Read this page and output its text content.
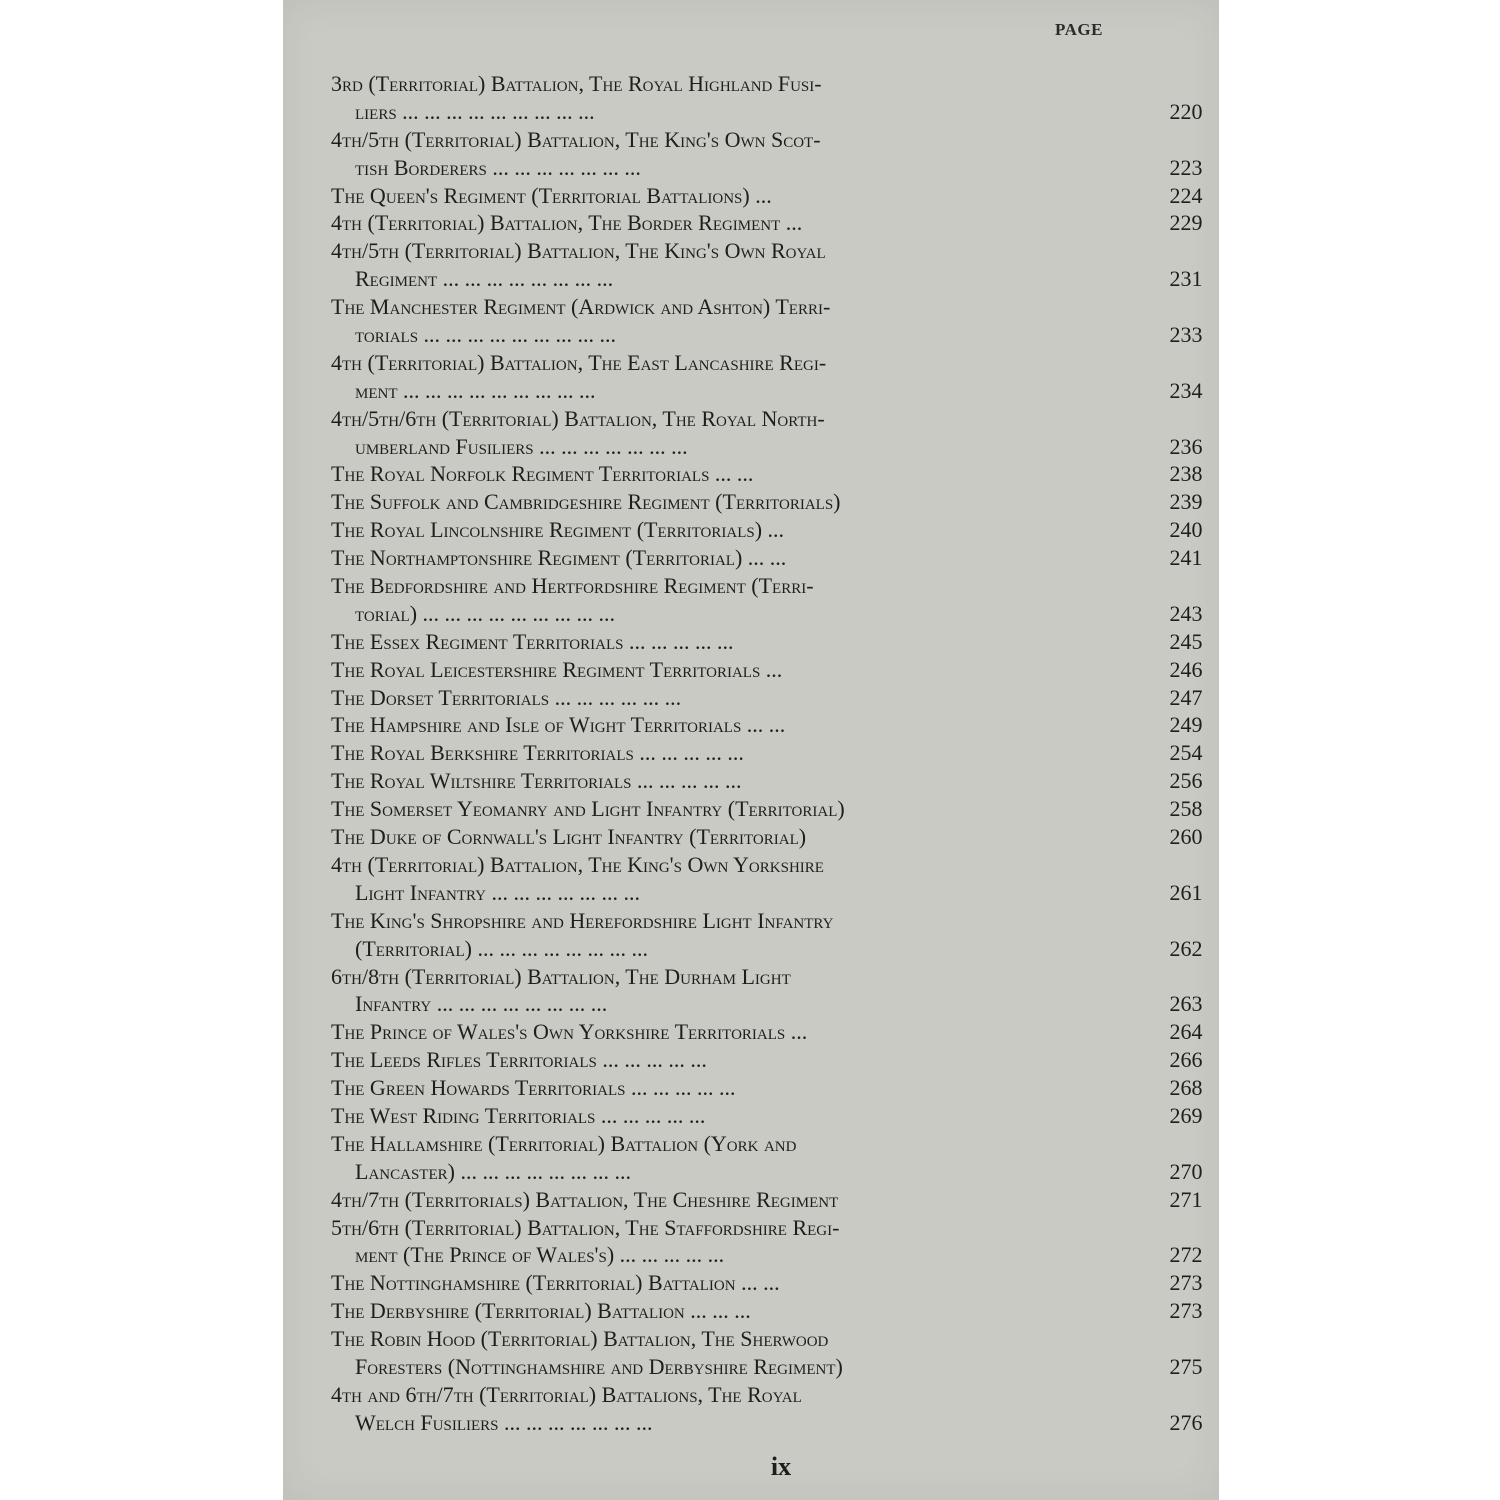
PAGE
3rd (Territorial) Battalion, The Royal Highland Fusi-
liers ... ... ... ... ... ... ... ... ...	220
4th/5th (Territorial) Battalion, The King's Own Scot-
tish Borderers ... ... ... ... ... ... ...	223
The Queen's Regiment (Territorial Battalions) ...	224
4th (Territorial) Battalion, The Border Regiment ...	229
4th/5th (Territorial) Battalion, The King's Own Royal
Regiment ... ... ... ... ... ... ... ...	231
The Manchester Regiment (Ardwick and Ashton) Terri-
torials ... ... ... ... ... ... ... ... ...	233
4th (Territorial) Battalion, The East Lancashire Regi-
ment ... ... ... ... ... ... ... ... ...	234
4th/5th/6th (Territorial) Battalion, The Royal North-
umberland Fusiliers ... ... ... ... ... ... ...	236
The Royal Norfolk Regiment Territorials ... ...	238
The Suffolk and Cambridgeshire Regiment (Territorials)	239
The Royal Lincolnshire Regiment (Territorials) ...	240
The Northamptonshire Regiment (Territorial) ... ...	241
The Bedfordshire and Hertfordshire Regiment (Terri-
torial) ... ... ... ... ... ... ... ... ...	243
The Essex Regiment Territorials ... ... ... ... ...	245
The Royal Leicestershire Regiment Territorials ...	246
The Dorset Territorials ... ... ... ... ... ...	247
The Hampshire and Isle of Wight Territorials ... ...	249
The Royal Berkshire Territorials ... ... ... ... ...	254
The Royal Wiltshire Territorials ... ... ... ... ...	256
The Somerset Yeomanry and Light Infantry (Territorial)	258
The Duke of Cornwall's Light Infantry (Territorial)	260
4th (Territorial) Battalion, The King's Own Yorkshire
Light Infantry ... ... ... ... ... ... ...	261
The King's Shropshire and Herefordshire Light Infantry
(Territorial) ... ... ... ... ... ... ... ...	262
6th/8th (Territorial) Battalion, The Durham Light
Infantry ... ... ... ... ... ... ... ...	263
The Prince of Wales's Own Yorkshire Territorials ...	264
The Leeds Rifles Territorials ... ... ... ... ...	266
The Green Howards Territorials ... ... ... ... ...	268
The West Riding Territorials ... ... ... ... ...	269
The Hallamshire (Territorial) Battalion (York and
Lancaster) ... ... ... ... ... ... ... ...	270
4th/7th (Territorials) Battalion, The Cheshire Regiment	271
5th/6th (Territorial) Battalion, The Staffordshire Regi-
ment (The Prince of Wales's) ... ... ... ... ...	272
The Nottinghamshire (Territorial) Battalion ... ...	273
The Derbyshire (Territorial) Battalion ... ... ...	273
The Robin Hood (Territorial) Battalion, The Sherwood
Foresters (Nottinghamshire and Derbyshire Regiment)	275
4th and 6th/7th (Territorial) Battalions, The Royal
Welch Fusiliers ... ... ... ... ... ... ...	276
ix
